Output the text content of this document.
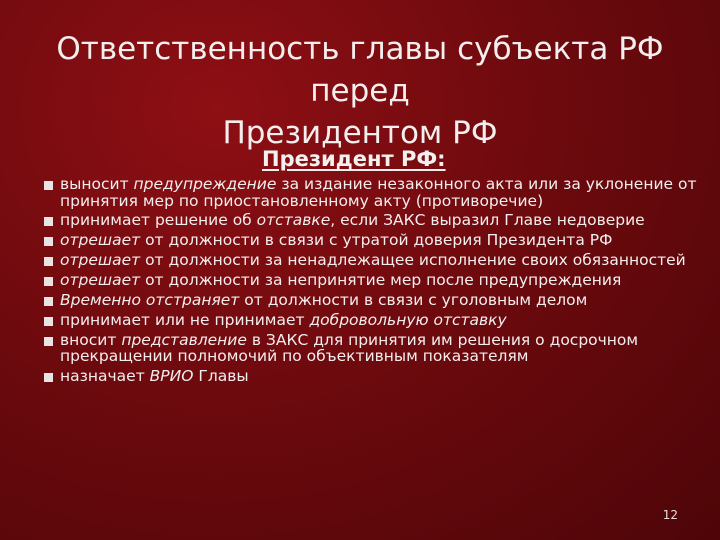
Ответственность главы субъекта РФ перед
Президентом РФ

Президент РФ:

выносит предупреждение за издание незаконного акта или за уклонение от принятия мер по приостановленному акту (противоречие)
принимает решение об отставке, если ЗАКС выразил Главе недоверие
отрешает от должности в связи с утратой доверия Президента РФ
отрешает от должности за ненадлежащее исполнение своих обязанностей
отрешает от должности за непринятие мер после предупреждения
Временно отстраняет от должности в связи с уголовным делом
принимает или не принимает добровольную отставку
вносит представление в ЗАКС для принятия им решения о досрочном прекращении полномочий по объективным показателям
назначает ВРИО Главы
12
